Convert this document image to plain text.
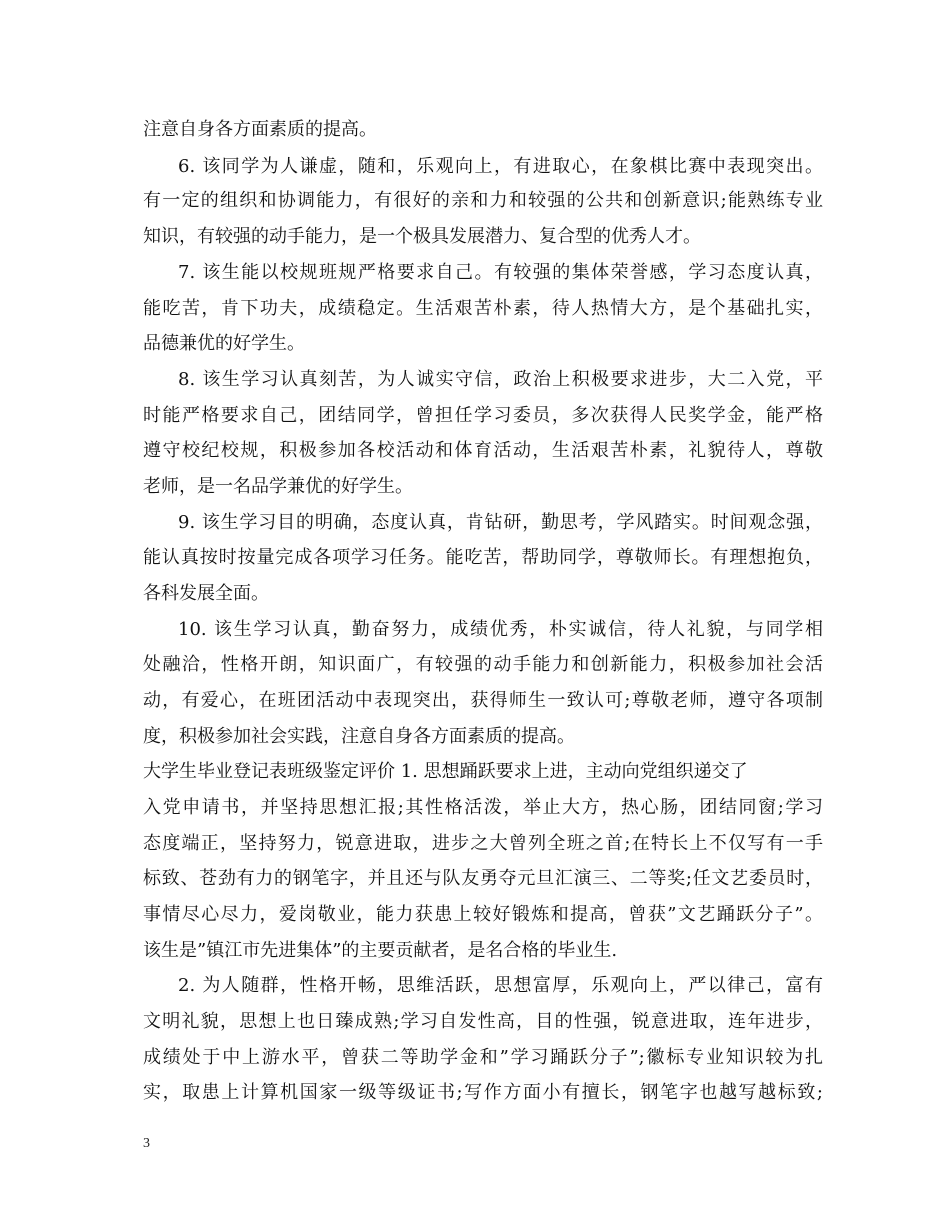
注意自身各方面素质的提高。
6. 该同学为人谦虚，随和，乐观向上，有进取心，在象棋比赛中表现突出。
有一定的组织和协调能力，有很好的亲和力和较强的公共和创新意识;能熟练专业
知识，有较强的动手能力，是一个极具发展潜力、复合型的优秀人才。
7. 该生能以校规班规严格要求自己。有较强的集体荣誉感，学习态度认真，
能吃苦，肯下功夫，成绩稳定。生活艰苦朴素，待人热情大方，是个基础扎实，
品德兼优的好学生。
8. 该生学习认真刻苦，为人诚实守信，政治上积极要求进步，大二入党，平
时能严格要求自己，团结同学，曾担任学习委员，多次获得人民奖学金，能严格
遵守校纪校规，积极参加各校活动和体育活动，生活艰苦朴素，礼貌待人，尊敬
老师，是一名品学兼优的好学生。
9. 该生学习目的明确，态度认真，肯钻研，勤思考，学风踏实。时间观念强，
能认真按时按量完成各项学习任务。能吃苦，帮助同学，尊敬师长。有理想抱负，
各科发展全面。
10. 该生学习认真，勤奋努力，成绩优秀，朴实诚信，待人礼貌，与同学相
处融洽，性格开朗，知识面广，有较强的动手能力和创新能力，积极参加社会活
动，有爱心，在班团活动中表现突出，获得师生一致认可;尊敬老师，遵守各项制
度，积极参加社会实践，注意自身各方面素质的提高。
大学生毕业登记表班级鉴定评价 1. 思想踊跃要求上进，主动向党组织递交了
入党申请书，并坚持思想汇报;其性格活泼，举止大方，热心肠，团结同窗;学习
态度端正，坚持努力，锐意进取，进步之大曾列全班之首;在特长上不仅写有一手
标致、苍劲有力的钢笔字，并且还与队友勇夺元旦汇演三、二等奖;任文艺委员时，
事情尽心尽力，爱岗敬业，能力获患上较好锻炼和提高，曾获”文艺踊跃分子”。
该生是”镇江市先进集体”的主要贡献者，是名合格的毕业生.
2. 为人随群，性格开畅，思维活跃，思想富厚，乐观向上，严以律己，富有
文明礼貌，思想上也日臻成熟;学习自发性高，目的性强，锐意进取，连年进步，
成绩处于中上游水平，曾获二等助学金和”学习踊跃分子”;徽标专业知识较为扎
实，取患上计算机国家一级等级证书;写作方面小有擅长，钢笔字也越写越标致;
3
